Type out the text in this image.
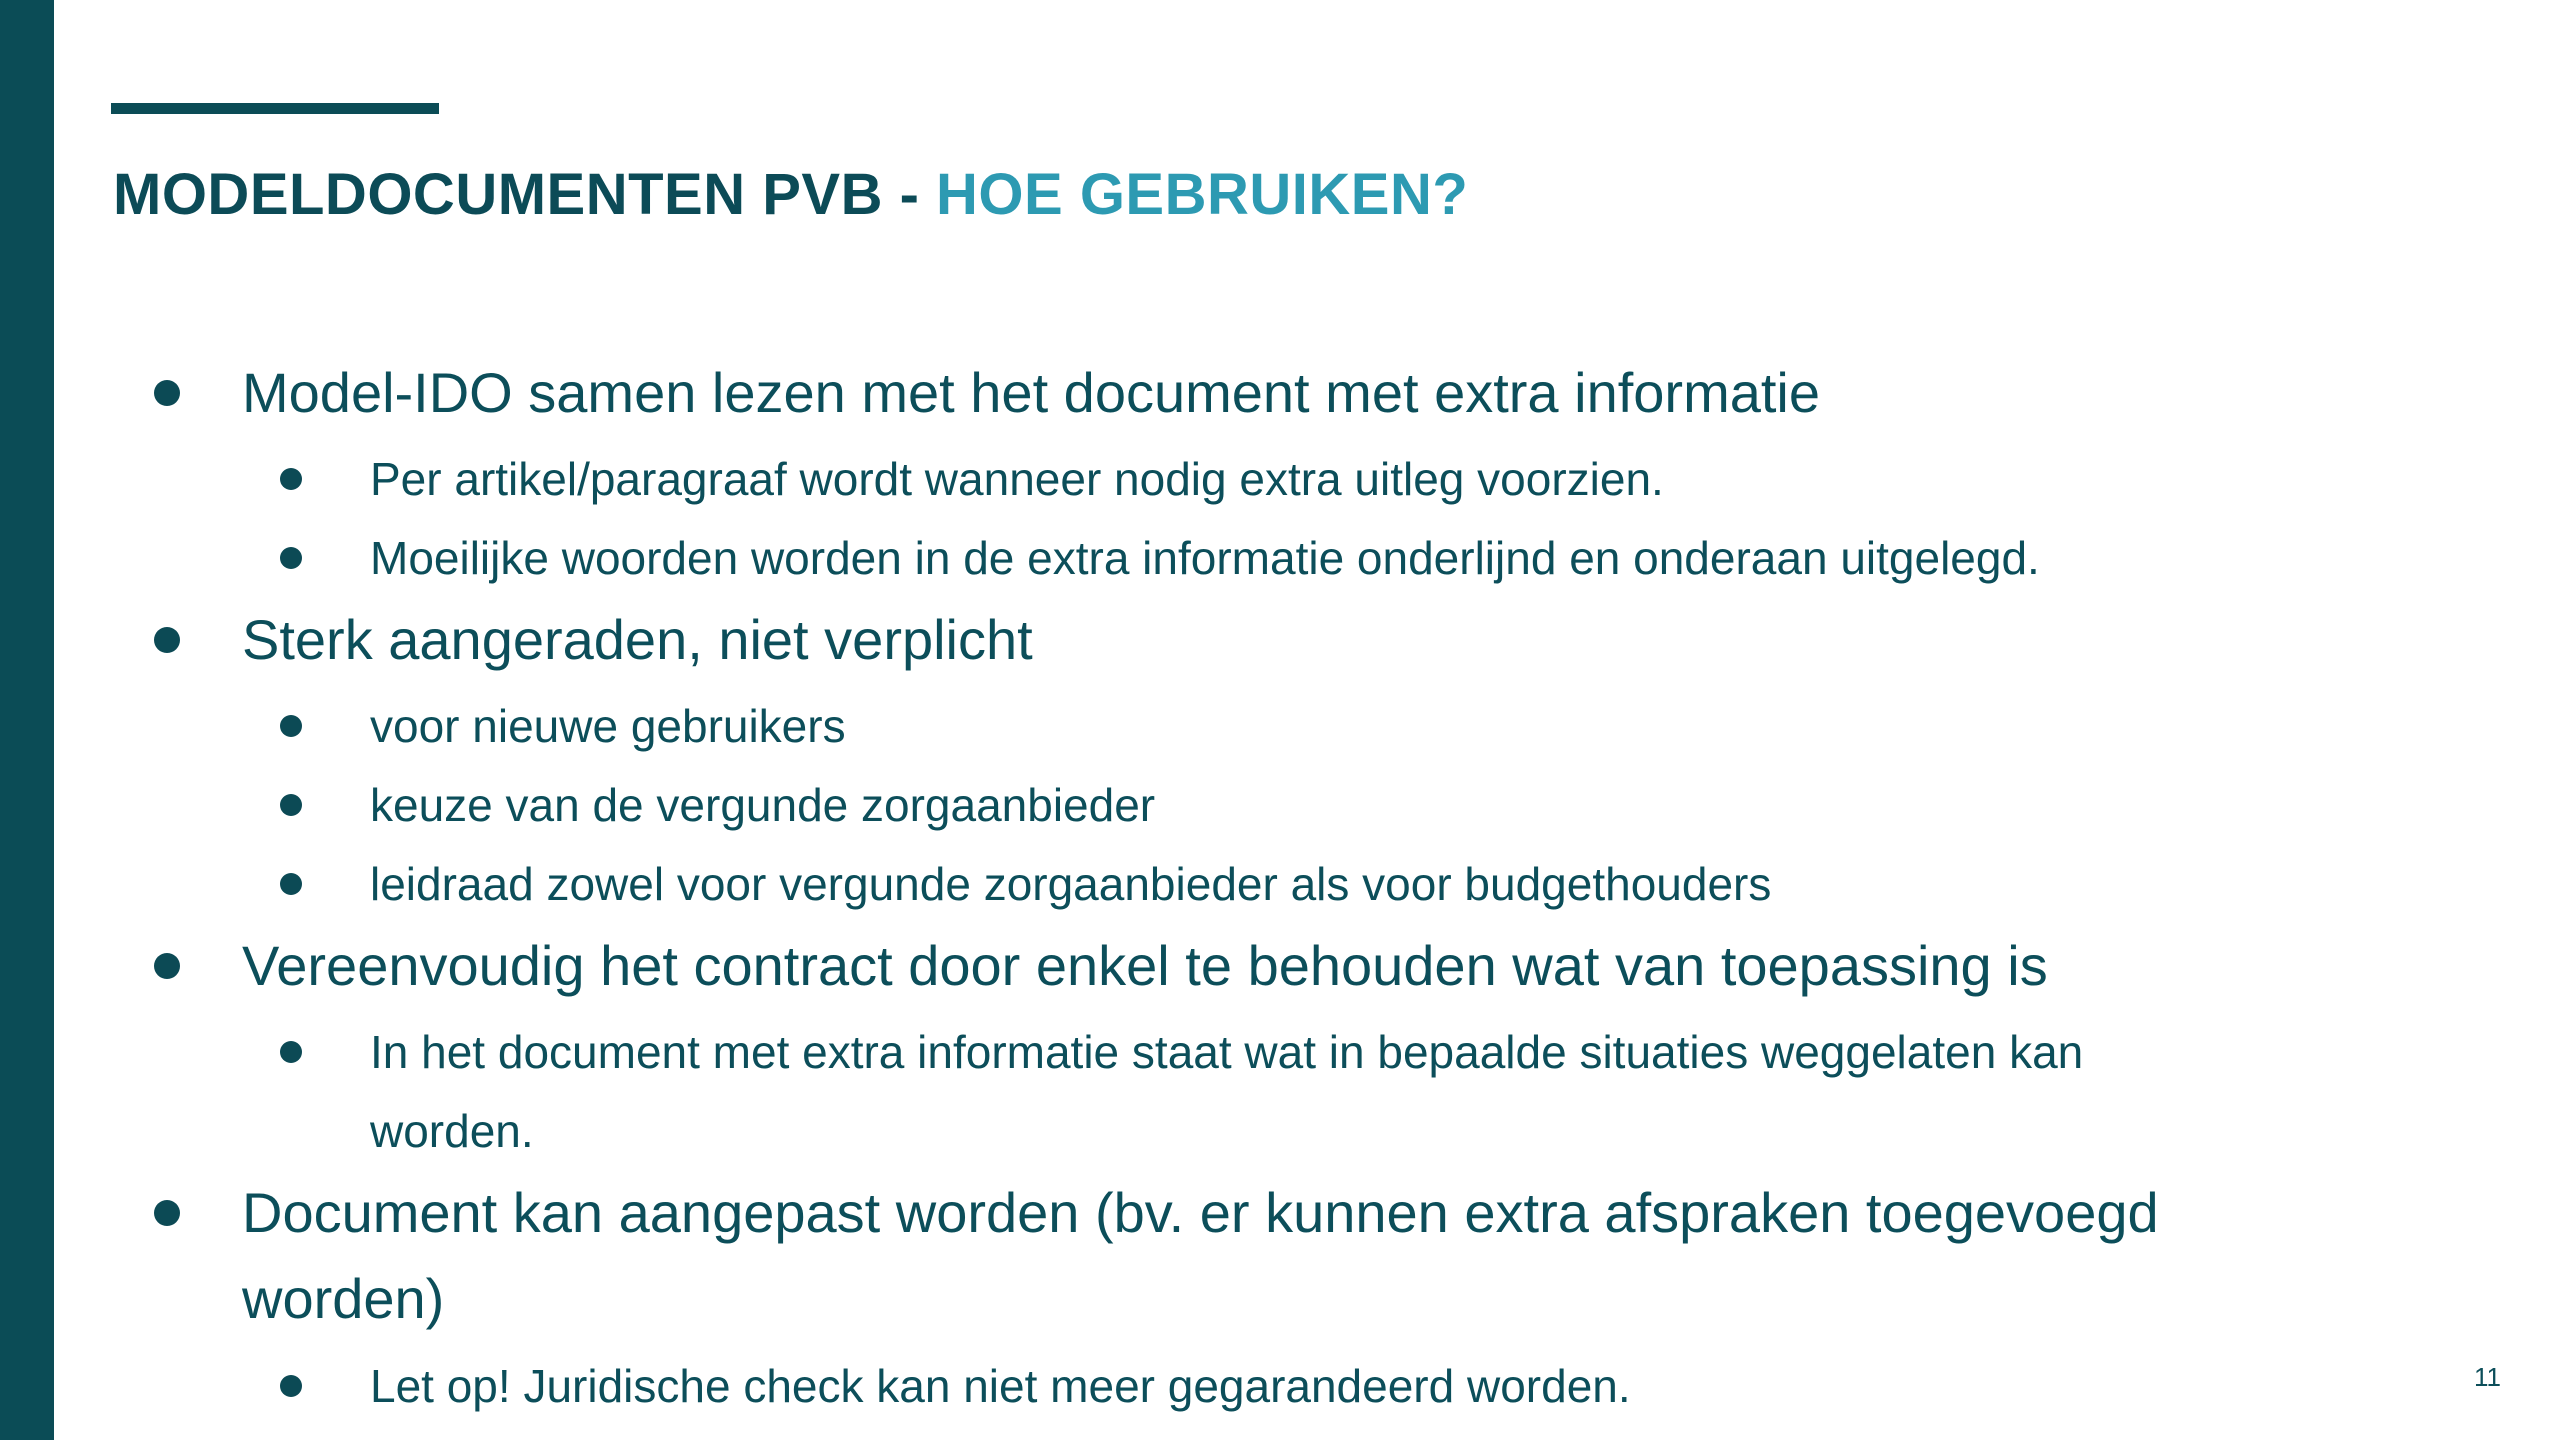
MODELDOCUMENTEN PVB - HOE GEBRUIKEN?
Model-IDO samen lezen met het document met extra informatie
Per artikel/paragraaf wordt wanneer nodig extra uitleg voorzien.
Moeilijke woorden worden in de extra informatie onderlijnd en onderaan uitgelegd.
Sterk aangeraden, niet verplicht
voor nieuwe gebruikers
keuze van de vergunde zorgaanbieder
leidraad zowel voor vergunde zorgaanbieder als voor budgethouders
Vereenvoudig het contract door enkel te behouden wat van toepassing is
In het document met extra informatie staat wat in bepaalde situaties weggelaten kan
worden.
Document kan aangepast worden (bv. er kunnen extra afspraken toegevoegd
worden)
Let op! Juridische check kan niet meer gegarandeerd worden.	11
